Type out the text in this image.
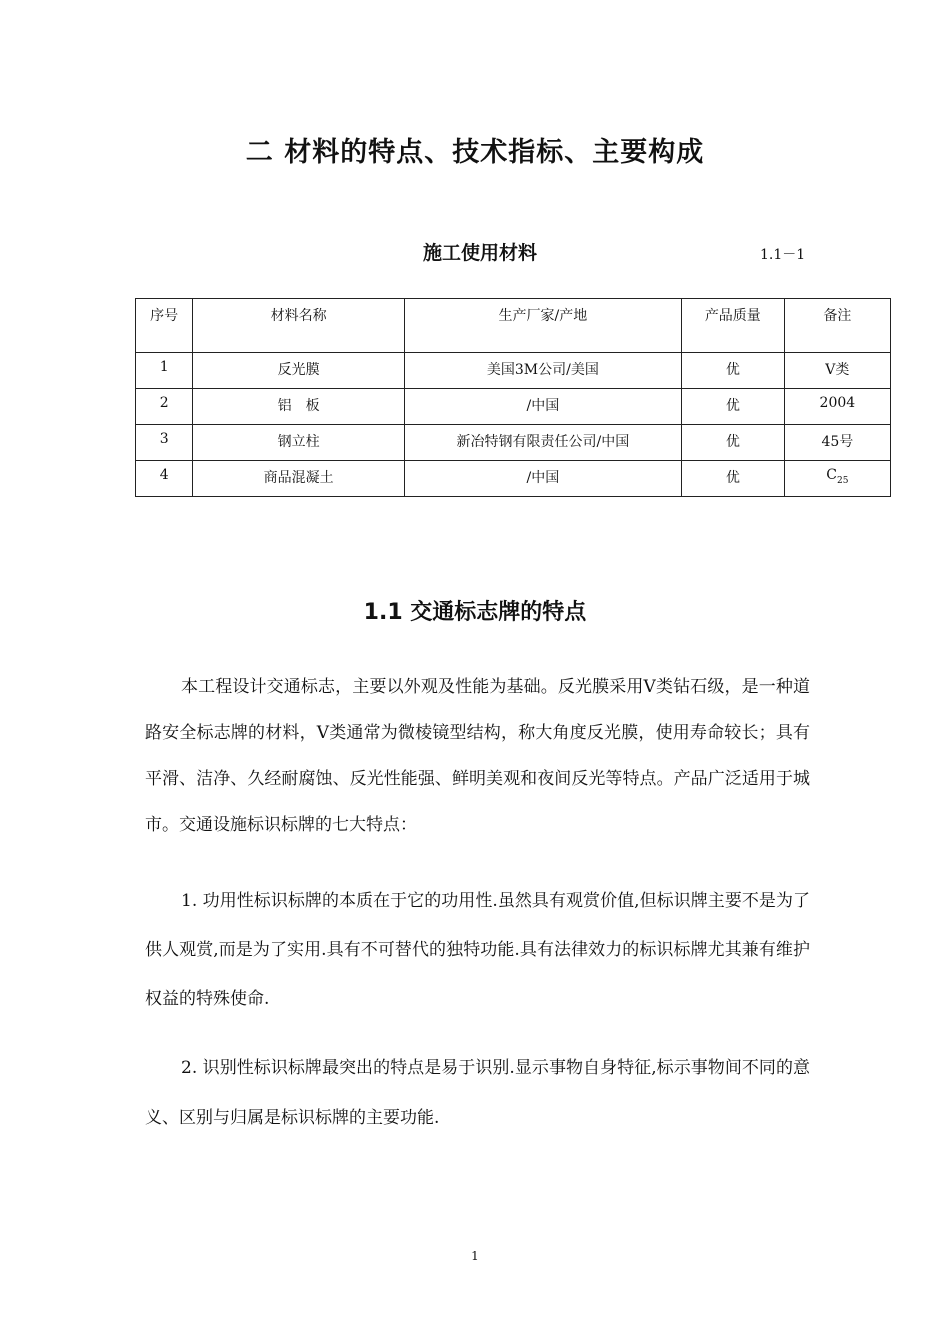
二 材料的特点、技术指标、主要构成
施工使用材料	1.1－1
序号	材料名称	生产厂家/产地	产品质量	备注
1	反光膜	美国3M公司/美国	优	V类
2	铝　板	/中国	优	2004
3	钢立柱	新冶特钢有限责任公司/中国	优	45号
4	商品混凝土	/中国	优	$C_{25}$
1.1 交通标志牌的特点

本工程设计交通标志，主要以外观及性能为基础。反光膜采用V类钻石级，是一种道路安全标志牌的材料，V类通常为微棱镜型结构，称大角度反光膜，使用寿命较长；具有平滑、洁净、久经耐腐蚀、反光性能强、鲜明美观和夜间反光等特点。产品广泛适用于城市。交通设施标识标牌的七大特点：

1. 功用性标识标牌的本质在于它的功用性.虽然具有观赏价值,但标识牌主要不是为了供人观赏,而是为了实用.具有不可替代的独特功能.具有法律效力的标识标牌尤其兼有维护权益的特殊使命.

2. 识别性标识标牌最突出的特点是易于识别.显示事物自身特征,标示事物间不同的意义、区别与归属是标识标牌的主要功能.

1
